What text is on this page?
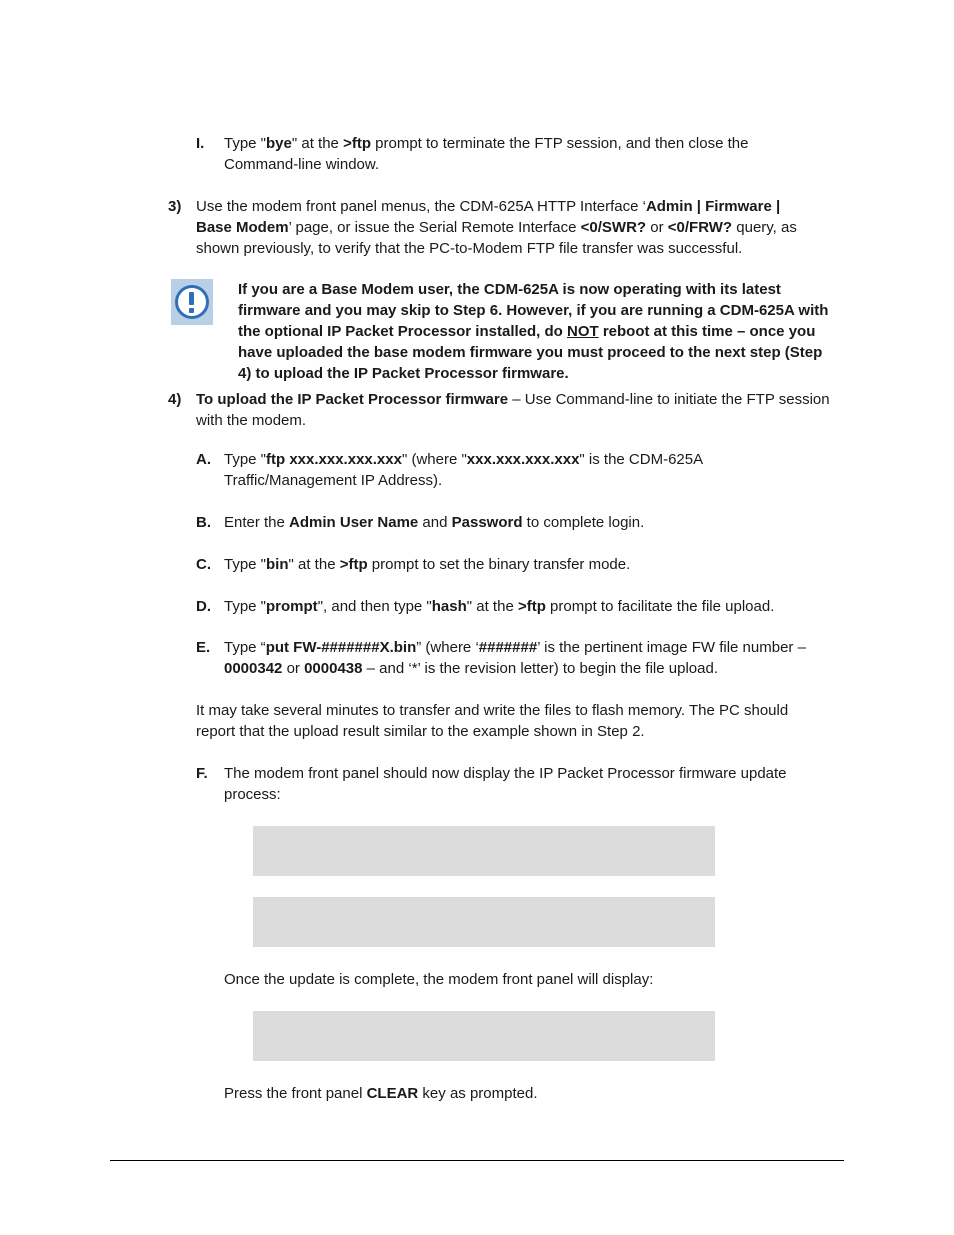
I. Type "bye" at the >ftp prompt to terminate the FTP session, and then close the
Command-line window.
3) Use the modem front panel menus, the CDM-625A HTTP Interface ‘Admin | Firmware |
Base Modem’ page, or issue the Serial Remote Interface <0/SWR? or <0/FRW? query, as
shown previously, to verify that the PC-to-Modem FTP file transfer was successful.
If you are a Base Modem user, the CDM-625A is now operating with its latest
firmware and you may skip to Step 6. However, if you are running a CDM-625A with
the optional IP Packet Processor installed, do NOT reboot at this time – once you
have uploaded the base modem firmware you must proceed to the next step (Step
4) to upload the IP Packet Processor firmware.
4) To upload the IP Packet Processor firmware – Use Command-line to initiate the FTP session
with the modem.
A. Type "ftp xxx.xxx.xxx.xxx" (where "xxx.xxx.xxx.xxx" is the CDM-625A
Traffic/Management IP Address).
B. Enter the Admin User Name and Password to complete login.
C. Type "bin" at the >ftp prompt to set the binary transfer mode.
D. Type "prompt", and then type "hash" at the >ftp prompt to facilitate the file upload.
E. Type “put FW-#######X.bin” (where ‘#######’ is the pertinent image FW file number –
0000342 or 0000438 – and ‘*’ is the revision letter) to begin the file upload.
It may take several minutes to transfer and write the files to flash memory. The PC should
report that the upload result similar to the example shown in Step 2.
F. The modem front panel should now display the IP Packet Processor firmware update
process:
Once the update is complete, the modem front panel will display:
Press the front panel CLEAR key as prompted.
